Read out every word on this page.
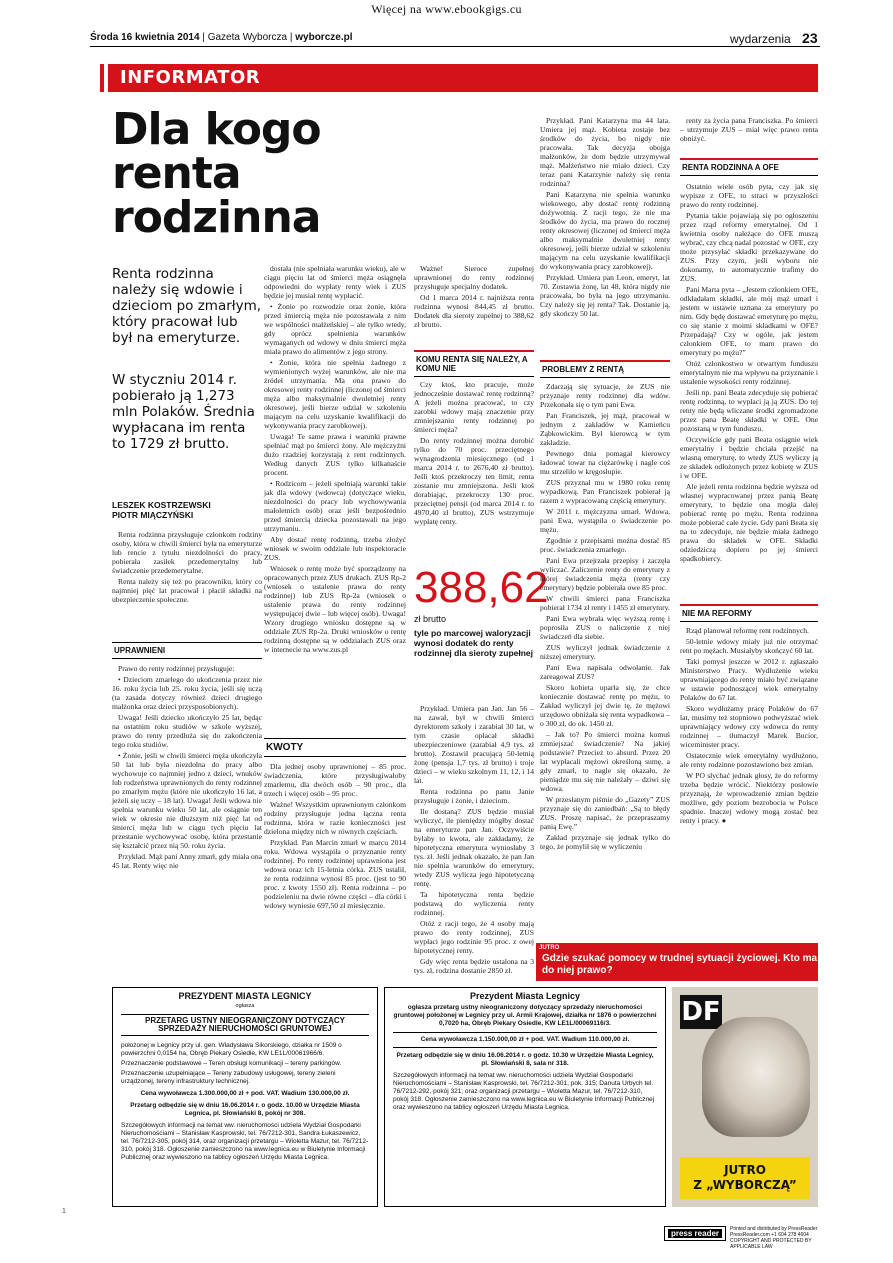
Więcej na www.ebookgigs.cu
Środa 16 kwietnia 2014 | Gazeta Wyborcza | wyborcze.pl	wydarzenia 23
INFORMATOR
Dla kogo renta rodzinna
Renta rodzinna należy się wdowie i dzieciom po zmarłym, który pracował lub był na emeryturze.
W styczniu 2014 r. pobierało ją 1,273 mln Polaków. Średnia wypłacana im renta to 1729 zł brutto.
LESZEK KOSTRZEWSKI
PIOTR MIĄCZYŃSKI

Renta rodzinna przysługuje członkom rodziny osoby, która w chwili śmierci była na emeryturze lub rencie z tytułu niezdolności do pracy, pobierała zasiłek przedemerytalny lub świadczenie przedemerytalne.

Renta należy się też po pracowniku, który co najmniej pięć lat pracował i płacił składki na ubezpieczenie społeczne.

UPRAWNIENI

Prawo do renty rodzinnej przysługuje:

• Dzieciom zmarłego do ukończenia przez nie 16. roku życia lub 25. roku życia, jeśli się uczą (ta zasada dotyczy również dzieci drugiego małżonka oraz dzieci przysposobionych).

Uwaga! Jeśli dziecko ukończyło 25 lat, będąc na ostatnim roku studiów w szkole wyższej, prawo do renty przedłuża się do zakończenia tego roku studiów.

• Żonie, jeśli w chwili śmierci męża ukończyła 50 lat lub była niezdolna do pracy albo wychowuje co najmniej jedno z dzieci, wnuków lub rodzeństwa uprawnionych do renty rodzinnej po zmarłym mężu (które nie ukończyło 16 lat, a jeżeli się uczy – 18 lat). Uwaga! Jeśli wdowa nie spełnia warunku wieku 50 lat, ale osiągnie ten wiek w okresie nie dłuższym niż pięć lat od śmierci męża lub w ciągu tych pięciu lat przestanie wychowywać osobę, która przestanie się kształcić przez nią 50. roku życia.

Przykład. Mąż pani Anny zmarł, gdy miała ona 45 lat. Renty więc nie

dostała (nie spełniała warunku wieku), ale w ciągu pięciu lat od śmierci męża osiągnęła odpowiedni do wypłaty renty wiek i ZUS będzie jej musiał rentę wypłacić.

• Żonie po rozwodzie oraz żonie, która przed śmiercią męża nie pozostawała z nim we wspólności małżeńskiej – ale tylko wtedy, gdy oprócz spełnienia warunków wymaganych od wdowy w dniu śmierci męża miała prawo do alimentów z jego strony.

• Żonie, która nie spełnia żadnego z wymienionych wyżej warunków, ale nie ma źródeł utrzymania. Ma ona prawo do okresowej renty rodzinnej (liczonej od śmierci męża albo maksymalnie dwuletniej renty okresowej, jeśli bierze udział w szkoleniu mającym na celu uzyskanie kwalifikacji do wykonywania pracy zarobkowej).

Uwaga! Te same prawa i warunki prawne spełniać mąż po śmierci żony. Ale mężczyźni dużo rzadziej korzystają z rent rodzinnych. Według danych ZUS tylko kilkanaście procent.

• Rodzicom – jeżeli spełniają warunki takie jak dla wdowy (wdowca) (dotyczące wieku, niezdolności do pracy lub wychowywania małoletnich osób) oraz jeśli bezpośrednio przed śmiercią dziecka pozostawali na jego utrzymaniu.

Aby dostać rentę rodzinną, trzeba złożyć wniosek w swoim oddziale lub inspektoracie ZUS.

Wniosek o rentę może być sporządzony na opracowanych przez ZUS drukach. ZUS Rp-2 (wniosek o ustalenie prawa do renty rodzinnej) lub ZUS Rp-2a (wniosek o ustalenie prawa do renty rodzinnej występującej dwie – lub więcej osób). Uwaga! Wzory drugiego wniosku dostępne są w oddziale ZUS Rp-2a. Druki wniosków o rentę rodzinną dostępne są w oddziałach ZUS oraz w internecie na www.zus.pl

KWOTY

Dla jednej osoby uprawnionej – 85 proc. świadczenia, które przysługiwałoby zmarłemu, dla dwóch osób – 90 proc., dla trzech i więcej osób – 95 proc.

Ważne! Wszystkim uprawnionym członkom rodziny przysługuje jedna łączna renta rodzinna, która w razie konieczności jest dzielona między nich w równych częściach.

Przykład. Pan Marcin zmarł w marcu 2014 roku. Wdowa wystąpiła o przyznanie renty rodzinnej. Po renty rodzinnej uprawniona jest wdowa oraz ich 15-letnia córka. ZUS ustalił, że renta rodzinna wynosi 85 proc. (jest to 90 proc. z kwoty 1550 zł). Renta rodzinna – po podzieleniu na dwie równe części – dla córki i wdowy wyniesie 697,50 zł miesięcznie.

Ważne! Sieroce zupełnej uprawnionej do renty rodzinnej przysługuje specjalny dodatek.

Od 1 marca 2014 r. najniższa renta rodzinna wynosi 844,45 zł brutto. Dodatek dla sieroty zupełnej to 388,62 zł brutto.

KOMU RENTA SIĘ NALEŻY, A KOMU NIE

Czy ktoś, kto pracuje, może jednocześnie dostawać rentę rodzinną? A jeżeli można pracować, to czy zarobki wdowy mają znaczenie przy zmniejszaniu renty rodzinnej po śmierci męża?

Do renty rodzinnej można dorobić tylko do 70 proc. przeciętnego wynagrodzenia miesięcznego (od 1 marca 2014 r. to 2676,40 zł brutto). Jeśli ktoś przekroczy ten limit, renta zostanie mu zmniejszona. Jeśli ktoś dorabiając, przekroczy 130 proc. przeciętnej pensji (od marca 2014 r. to 4970,40 zł brutto), ZUS wstrzymuje wypłatę renty.

388,62
zł brutto
tyle po marcowej waloryzacji wynosi dodatek do renty rodzinnej dla sieroty zupełnej

Przykład. Umiera pan Jan. Jan 56 – na zawał, był w chwili śmierci dyrektorem szkoły i zarabiał 30 lat, w tym czasie opłacał składki ubezpieczeniowe (zarabiał 4,9 tys. zł brutto). Zostawił pracującą 50-letnią żonę (pensja 1,7 tys. zł brutto) i troje dzieci – w wieku szkolnym 11, 12, i 14 lat.

Renta rodzinna po panu Janie przysługuje i żonie, i dzieciom.

Ile dostaną? ZUS będzie musiał wyliczyć, ile pieniędzy mógłby dostać na emeryturze pan Jan. Oczywiście byłaby to kwota, ale zakładamy, że hipotetyczna emerytura wyniosłaby 3 tys. zł. Jeśli jednak okazało, że pan Jan nie spełnia warunków do emerytury, wtedy ZUS wylicza jego hipotetyczną rentę.

Ta hipotetyczna renta będzie podstawą do wyliczenia renty rodzinnej.

Otóż z racji tego, że 4 osoby mają prawo do renty rodzinnej, ZUS wypłaci jego rodzinie 95 proc. z owej hipotetycznej renty.

Gdy więc renta będzie ustalona na 3 tys. zł, rodzina dostanie 2850 zł.

Przykład. Pani Katarzyna ma 44 lata. Umiera jej mąż. Kobieta zostaje bez środków do życia, bo nigdy nie pracowała. Tak decyzja obojga małżonków, że dom będzie utrzymywał mąż. Małżeństwo nie miało dzieci. Czy teraz pani Katarzynie należy się renta rodzinna?

Pani Katarzyna nie spełnia warunku wiekowego, aby dostać rentę rodzinną dożywotnią. Z racji tego, że nie ma środków do życia, ma prawo do rocznej renty okresowej (liczonej od śmierci męża albo maksymalnie dwuletniej renty okresowej, jeśli bierze udział w szkoleniu mającym na celu uzyskanie kwalifikacji do wykonywania pracy zarobkowej).

Przykład. Umiera pan Leon, emeryt, lat 70. Zostawia żonę, lat 48, która nigdy nie pracowała, bo była na jego utrzymaniu. Czy należy się jej renta? Tak. Dostanie ją, gdy skończy 50 lat.

PROBLEMY Z RENTĄ

Zdarzają się sytuacje, że ZUS nie przyznaje renty rodzinnej dla wdów. Przekonała się o tym pani Ewa.

Pan Franciszek, jej mąż, pracował w jednym z zakładów w Kamieńcu Ząbkowickim. Był kierowcą w tym zakładzie.

Pewnego dnia pomagał kierowcy ładować towar na ciężarówkę i nagle coś mu strzeliło w kręgosłupie.

ZUS przyznał mu w 1980 roku rentę wypadkową. Pan Franciszek pobierał ją razem z wypracowaną częścią emerytury.

W 2011 r. mężczyzna umarł. Wdowa, pani Ewa, wystąpiła o świadczenie po mężu.

Zgodnie z przepisami można dostać 85 proc. świadczenia zmarłego.

Pani Ewa przejrzała przepisy i zaczęła wyliczać. Zaliczenie renty do emerytury z której świadczenia męża (renty czy emerytury) będzie pobierała owe 85 proc.

W chwili śmierci pana Franciszka pobierał 1734 zł renty i 1455 zł emerytury.

Pani Ewa wybrała więc wyższą rentę i poprosiła ZUS o naliczenie z niej świadczeń dla siebie.

ZUS wyliczył jednak świadczenie z niższej emerytury.

Pani Ewa napisała odwołanie. Jak zareagował ZUS?

Skoro kobieta uparła się, że chce koniecznie dostawać rentę po mężu, to Zakład wyliczył jej dwie tę, że mężowi urzędowo obniżała się renta wypadkowa – o 300 zł, do ok. 1450 zł.

– Jak to? Po śmierci można komuś zmniejszać świadczenie? Na jakiej podstawie? Przecież to absurd. Przez 20 lat wypłacali mężowi określoną sumę, a gdy zmarł, to nagle się okazało, że pieniądze mu się nie należały – dziwi się wdowa.

W przesłanym piśmie do „Gazety” ZUS przyznaje się do zaniedbań: „Są to błędy ZUS. Proszę napisać, że przepraszamy panią Ewę.”

Zakład przyznaje się jednak tylko do tego, że pomylił się w wyliczeniu

renty za życia pana Franciszka. Po śmierci – utrzymuje ZUS – miał więc prawo renta obniżyć.

RENTA RODZINNA A OFE

Ostatnio wiele osób pyta, czy jak się wypisze z OFE, to straci w przyszłości prawo do renty rodzinnej.

Pytania takie pojawiają się po ogłoszeniu przez rząd reformy emerytalnej. Od 1 kwietnia osoby należące do OFE muszą wybrać, czy chcą nadal pozostać w OFE, czy może przysyłać składki przekazywane do ZUS. Przy czym, jeśli wyboru nie dokonamy, to automatycznie trafimy do ZUS.

Pani Marta pyta – „Jestem członkiem OFE, odkładałam składki, ale mój mąż umarł i jestem w ustawie uznana za emerytury po nim. Gdy będę dostawać emeryturę po mężu, co się stanie z moimi składkami w OFE? Przepadają? Czy w ogóle, jak jestem członkiem OFE, to mam prawo do emerytury po mężu?”

Otóż członkostwo w otwartym funduszu emerytalnym nie ma wpływu na przyznanie i ustalenie wysokości renty rodzinnej.

Jeśli np. pani Beata zdecyduje się pobierać rentę rodzinną, to wypłaci ją ją ZUS. Do tej renty nie będą wliczane środki zgromadzone przez pana Beatę składki w OFE. One pozostaną w tym funduszu.

Oczywiście gdy pani Beata osiągnie wiek emerytalny i będzie chciała przejść na własną emeryturę, to wtedy ZUS wyliczy ją ze składek odłożonych przez kobietę w ZUS i w OFE.

Ale jeżeli renta rodzinna będzie wyższa od własnej wypracowanej przez panią Beatę emerytury, to będzie ona mogła dalej pobierać rentę po mężu. Renta rodzinna może pobierać całe życie. Gdy pani Beata się na to zdecyduje, nie będzie miała żadnego prawa do składek w OFE. Składki odziedziczą dopiero po jej śmierci spadkobiercy.

NIE MA REFORMY

Rząd planował reformę rent rodzinnych.

50-letnie wdowy miały już nie otrzymać rent po mężach. Musiałyby skończyć 60 lat.

Taki pomysł jeszcze w 2012 r. zgłaszało Ministerstwo Pracy. Wydłużenie wieku uprawniającego do renty miało być związane w ustawie podnoszącej wiek emerytalny Polaków do 67 lat.

Skoro wydłużamy pracę Polaków do 67 lat, musimy też stopniowo podwyższać wiek uprawniający wdowy czy wdowca do renty rodzinnej – tłumaczył Marek Bucior, wiceminister pracy.

Ostatecznie wiek emerytalny wydłużono, ale renty rodzinne pozostawiono bez zmian.

W PO słychać jednak głosy, że do reformy trzeba będzie wrócić. Niektórzy posłowie przyznają, że wprowadzenie zmian będzie możliwe, gdy poziom bezrobocia w Polsce spadnie. Inaczej wdowy mogą zostać bez renty i pracy. ●

JUTRO
Gdzie szukać pomocy w trudnej sytuacji życiowej. Kto ma do niej prawo?
PREZYDENT MIASTA LEGNICY
ogłasza
PRZETARG USTNY NIEOGRANICZONY DOTYCZĄCY SPRZEDAŻY NIERUCHOMOŚCI GRUNTOWEJ
położonej w Legnicy przy ul. gen. Władysława Sikorskiego, działka nr 1509 o powierzchni 0,0154 ha, Obręb Piekary Osiedle, KW LE1L/00061966/6.
Przeznaczenie podstawowe – Teren obsługi komunikacji – tereny parkingów.
Przeznaczenie uzupełniające – Tereny zabudowy usługowej, tereny zieleni urządzonej, tereny infrastruktury technicznej.
Cena wywoławcza 1.300.000,00 zł + pod. VAT. Wadium 130.000,00 zł.
Przetarg odbędzie się w dniu 16.06.2014 r. o godz. 10.00 w Urzędzie Miasta Legnica, pl. Słowiański 8, pokój nr 308.
Szczegółowych informacji na temat ww. nieruchomości udziela Wydział Gospodarki Nieruchomościami – Stanisław Kasprowski, tel. 76/7212-301, Sandra Łukaszewicz, tel. 76/7212-305, pokój 314, oraz organizacji przetargu – Wioletta Mazur, tel. 76/7212-310, pokój 318. Ogłoszenie zamieszczono na www.legnica.eu w Biuletynie Informacji Publicznej oraz wywieszono na tablicy ogłoszeń Urzędu Miasta Legnica.
Prezydent Miasta Legnicy
ogłasza przetarg ustny nieograniczony dotyczący sprzedaży nieruchomości gruntowej położonej w Legnicy przy ul. Armii Krajowej, działka nr 1876 o powierzchni 0,7020 ha, Obręb Piekary Osiedle, KW LE1L/00069116/3.
Cena wywoławcza 1.150.000,00 zł + pod. VAT. Wadium 110.000,00 zł.
Przetarg odbędzie się w dniu 16.06.2014 r. o godz. 10.30 w Urzędzie Miasta Legnicy, pl. Słowiański 8, sala nr 318.
Szczegółowych informacji na temat ww. nieruchomości udziela Wydział Gospodarki Nieruchomościami – Stanisław Kasprowski, tel. 76/7212-301, pok. 315; Danuta Urbych tel. 76/7212-292, pokój 321; oraz organizacji przetargu – Wioletta Mazur, tel. 76/7212-310, pokój 318. Ogłoszenie zamieszczono na www.legnica.eu w Biuletynie Informacji Publicznej oraz wywieszono na tablicy ogłoszeń Urzędu Miasta Legnica.
DF
JUTRO
Z „WYBORCZĄ”
1
press reader	Printed and distributed by PressReader PressReader.com +1 604 278 4604 COPYRIGHT AND PROTECTED BY APPLICABLE LAW
